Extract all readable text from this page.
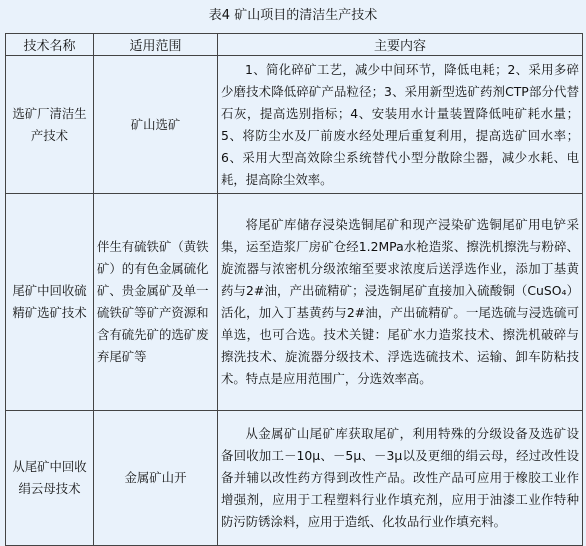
表4 矿山项目的清洁生产技术
技术名称	适用范围	主要内容
选矿厂清洁生产技术	矿山选矿	1、简化碎矿工艺，减少中间环节，降低电耗；2、采用多碎少磨技术降低碎矿产品粒径；3、采用新型选矿药剂CTP部分代替石灰，提高选别指标；4、安装用水计量装置降低吨矿耗水量；5、将防尘水及厂前废水经处理后重复利用，提高选矿回水率；6、采用大型高效除尘系统替代小型分散除尘器，减少水耗、电耗，提高除尘效率。
尾矿中回收硫精矿选矿技术	伴生有硫铁矿（黄铁矿）的有色金属硫化矿、贵金属矿及单一硫铁矿等矿产资源和含有硫先矿的选矿废弃尾矿等	将尾矿库储存浸染选铜尾矿和现产浸染矿选铜尾矿用电铲采集，运至造浆厂房矿仓经1.2MPa水枪造浆、擦洗机擦洗与粉碎、旋流器与浓密机分级浓缩至要求浓度后送浮选作业，添加丁基黄药与2#油，产出硫精矿；浸选铜尾矿直接加入硫酸铜（CuSO₄）活化，加入丁基黄药与2#油，产出硫精矿。一尾选硫与浸选硫可单选，也可合选。技术关键：尾矿水力造浆技术、擦洗机破碎与擦洗技术、旋流器分级技术、浮选选硫技术、运输、卸车防粘技术。特点是应用范围广，分选效率高。
从尾矿中回收绢云母技术	金属矿山开	从金属矿山尾矿库获取尾矿，利用特殊的分级设备及选矿设备回收加工－10μ、－5μ、－3μ以及更细的绢云母，经过改性设备并辅以改性药方得到改性产品。改性产品可应用于橡胶工业作增强剂，应用于工程塑料行业作填充剂，应用于油漆工业作特种防污防锈涂料，应用于造纸、化妆品行业作填充料。
